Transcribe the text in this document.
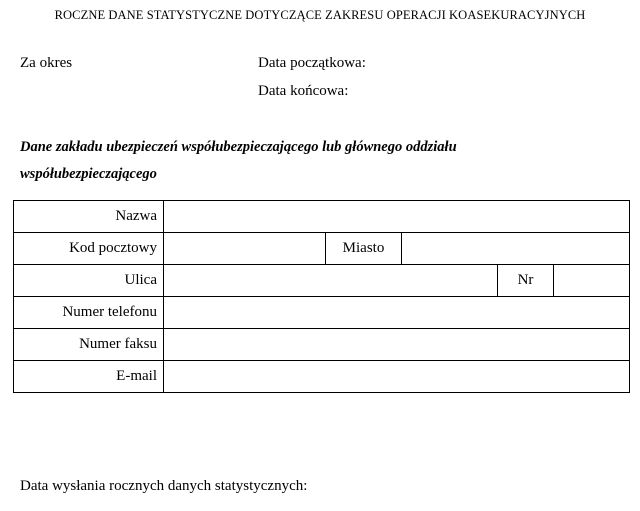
ROCZNE DANE STATYSTYCZNE DOTYCZĄCE ZAKRESU OPERACJI KOASEKURACYJNYCH
Za okres	Data początkowa:
Data końcowa:
Dane zakładu ubezpieczeń współubezpieczającego lub głównego oddziału
współubezpieczającego
Nazwa					
Kod pocztowy		Miasto			
Ulica				Nr	
Numer telefonu					
Numer faksu					
E-mail					
Data wysłania rocznych danych statystycznych:
